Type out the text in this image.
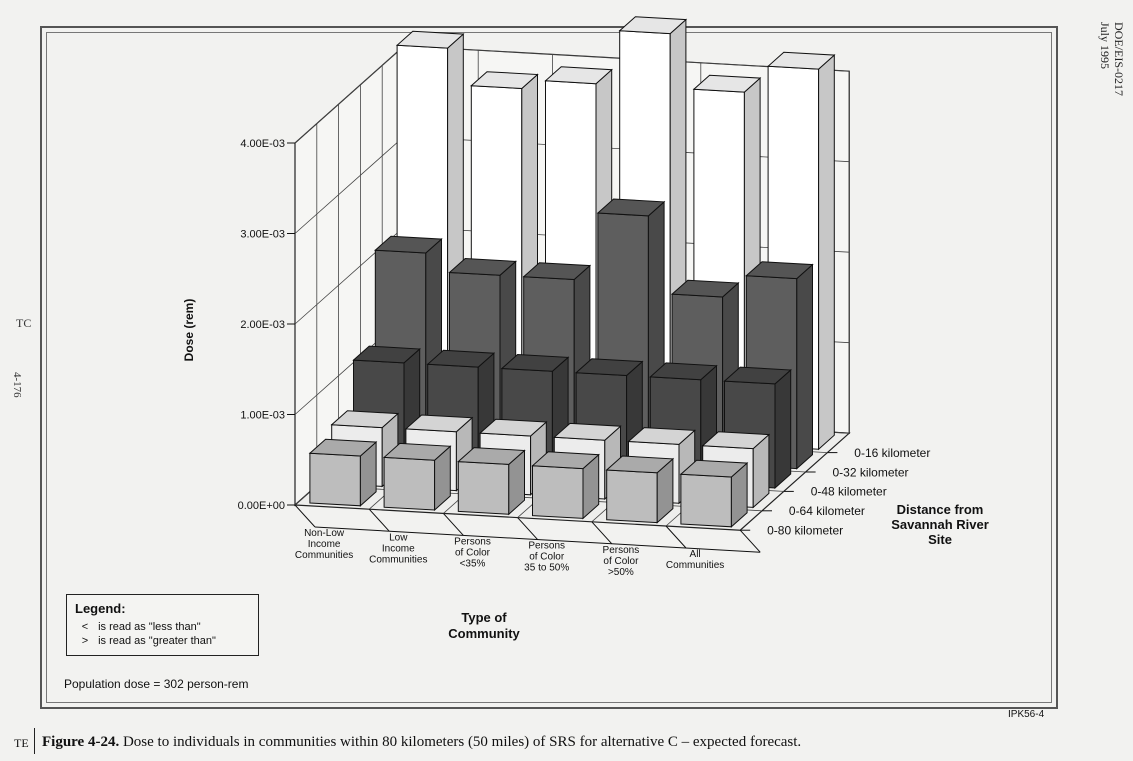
0.00E+00
1.00E-03
2.00E-03
3.00E-03
4.00E-03
Dose (rem)
Non-Low
Income
Communities
Low
Income
Communities
Persons
of Color
<35%
Persons
of Color
35 to 50%
Persons
of Color
>50%
All
Communities
Type of
Community
0-80 kilometer
0-64 kilometer
0-48 kilometer
0-32 kilometer
0-16 kilometer
Distance from
Savannah River
Site
DOE/EIS-0217
July 1995
TC
4-176
Legend:
< is read as "less than"
> is read as "greater than"
Population dose = 302 person-rem
IPK56-4
TE Figure 4-24. Dose to individuals in communities within 80 kilometers (50 miles) of SRS for alternative C – expected forecast.
